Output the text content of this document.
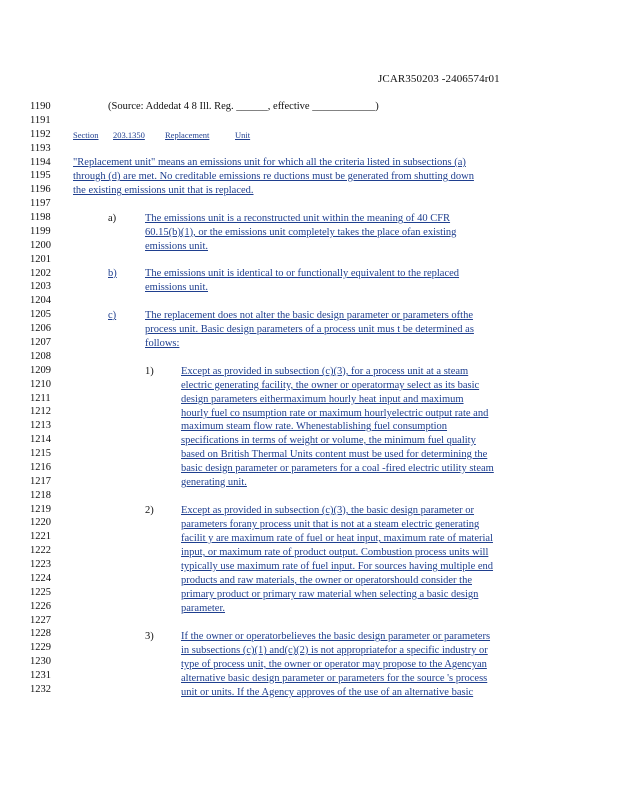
JCAR350203 -2406574r01
1190
1191
1192
1193
1194
1195
1196
1197
1198
1199
1200
1201
1202
1203
1204
1205
1206
1207
1208
1209
1210
1211
1212
1213
1214
1215
1216
1217
1218
1219
1220
1221
1222
1223
1224
1225
1226
1227
1228
1229
1230
1231
1232
(Source: Addedat 4 8 Ill. Reg. ______, effective ____________)
Section 203.1350 Replacement	Unit
"Replacement unit" means an emissions unit for which all the criteria listed in subsections (a)
through (d) are met. No creditable emissions re ductions must be generated from shutting down
the existing emissions unit that is replaced.
a)	The emissions unit is a reconstructed unit within the meaning of 40 CFR
60.15(b)(1), or the emissions unit completely takes the place ofan existing
emissions unit.
b)	The emissions unit is identical to or functionally equivalent to the replaced
emissions unit.
c)	The replacement does not alter the basic design parameter or parameters ofthe
process unit. Basic design parameters of a process unit mus t be determined as
follows:
1)	Except as provided in subsection (c)(3), for a process unit at a steam
electric generating facility, the owner or operatormay select as its basic
design parameters eithermaximum hourly heat input and maximum
hourly fuel co nsumption rate or maximum hourlyelectric output rate and
maximum steam flow rate. Whenestablishing fuel consumption
specifications in terms of weight or volume, the minimum fuel quality
based on British Thermal Units content must be used for determining the
basic design parameter or parameters for a coal -fired electric utility steam
generating unit.
2)	Except as provided in subsection (c)(3), the basic design parameter or
parameters forany process unit that is not at a steam electric generating
facilit y are maximum rate of fuel or heat input, maximum rate of material
input, or maximum rate of product output. Combustion process units will
typically use maximum rate of fuel input. For sources having multiple end
products and raw materials, the owner or operatorshould consider the
primary product or primary raw material when selecting a basic design
parameter.
3)	If the owner or operatorbelieves the basic design parameter or parameters
in subsections (c)(1) and(c)(2) is not appropriatefor a specific industry or
type of process unit, the owner or operator may propose to the Agencyan
alternative basic design parameter or parameters for the source 's process
unit or units. If the Agency approves of the use of an alternative basic
